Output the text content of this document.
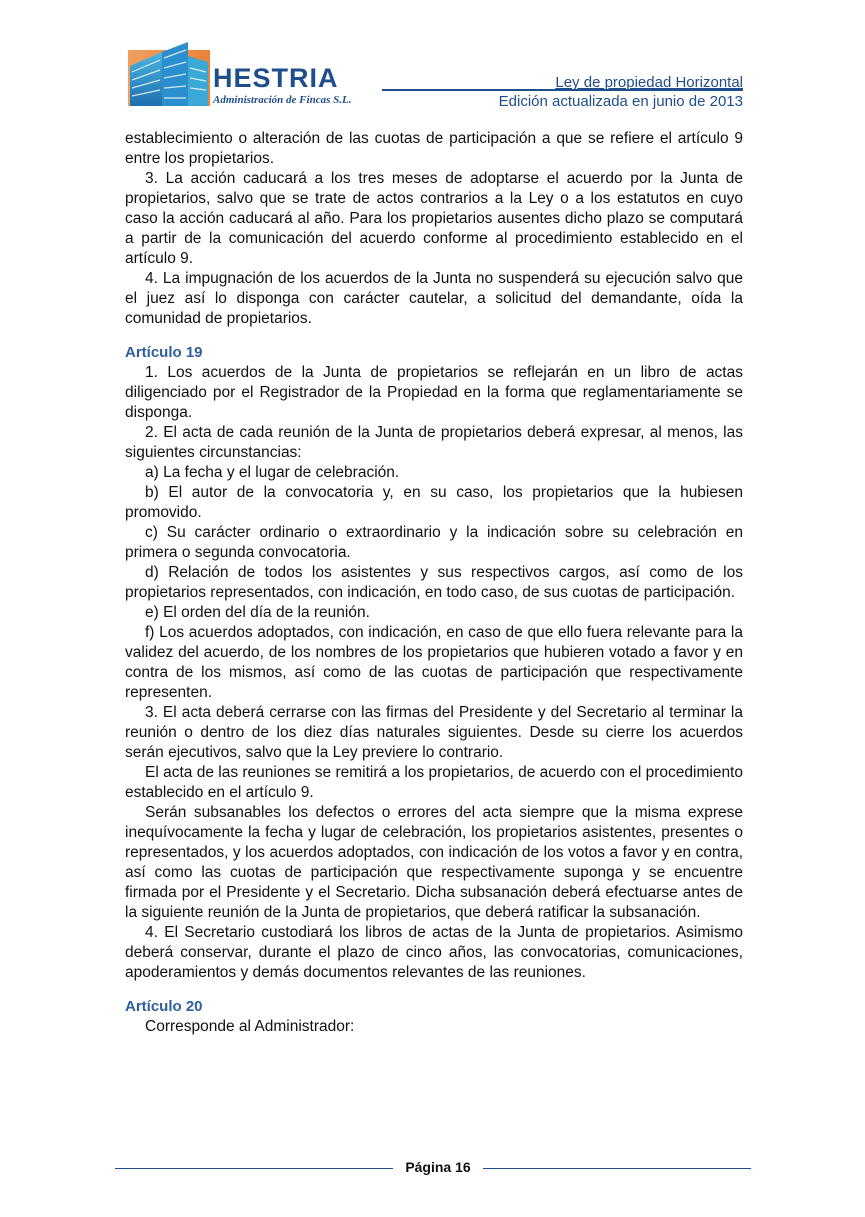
HESTRIA
Administración de Fincas S.L.
Ley de propiedad Horizontal
Edición actualizada en junio de 2013

establecimiento o alteración de las cuotas de participación a que se refiere el artículo 9 entre los propietarios.

3. La acción caducará a los tres meses de adoptarse el acuerdo por la Junta de propietarios, salvo que se trate de actos contrarios a la Ley o a los estatutos en cuyo caso la acción caducará al año. Para los propietarios ausentes dicho plazo se computará a partir de la comunicación del acuerdo conforme al procedimiento establecido en el artículo 9.

4. La impugnación de los acuerdos de la Junta no suspenderá su ejecución salvo que el juez así lo disponga con carácter cautelar, a solicitud del demandante, oída la comunidad de propietarios.

Artículo 19

1. Los acuerdos de la Junta de propietarios se reflejarán en un libro de actas diligenciado por el Registrador de la Propiedad en la forma que reglamentariamente se disponga.

2. El acta de cada reunión de la Junta de propietarios deberá expresar, al menos, las siguientes circunstancias:

a) La fecha y el lugar de celebración.

b) El autor de la convocatoria y, en su caso, los propietarios que la hubiesen promovido.

c) Su carácter ordinario o extraordinario y la indicación sobre su celebración en primera o segunda convocatoria.

d) Relación de todos los asistentes y sus respectivos cargos, así como de los propietarios representados, con indicación, en todo caso, de sus cuotas de participación.

e) El orden del día de la reunión.

f) Los acuerdos adoptados, con indicación, en caso de que ello fuera relevante para la validez del acuerdo, de los nombres de los propietarios que hubieren votado a favor y en contra de los mismos, así como de las cuotas de participación que respectivamente representen.

3. El acta deberá cerrarse con las firmas del Presidente y del Secretario al terminar la reunión o dentro de los diez días naturales siguientes. Desde su cierre los acuerdos serán ejecutivos, salvo que la Ley previere lo contrario.

El acta de las reuniones se remitirá a los propietarios, de acuerdo con el procedimiento establecido en el artículo 9.

Serán subsanables los defectos o errores del acta siempre que la misma exprese inequívocamente la fecha y lugar de celebración, los propietarios asistentes, presentes o representados, y los acuerdos adoptados, con indicación de los votos a favor y en contra, así como las cuotas de participación que respectivamente suponga y se encuentre firmada por el Presidente y el Secretario. Dicha subsanación deberá efectuarse antes de la siguiente reunión de la Junta de propietarios, que deberá ratificar la subsanación.

4. El Secretario custodiará los libros de actas de la Junta de propietarios. Asimismo deberá conservar, durante el plazo de cinco años, las convocatorias, comunicaciones, apoderamientos y demás documentos relevantes de las reuniones.

Artículo 20

Corresponde al Administrador:

Página 16
